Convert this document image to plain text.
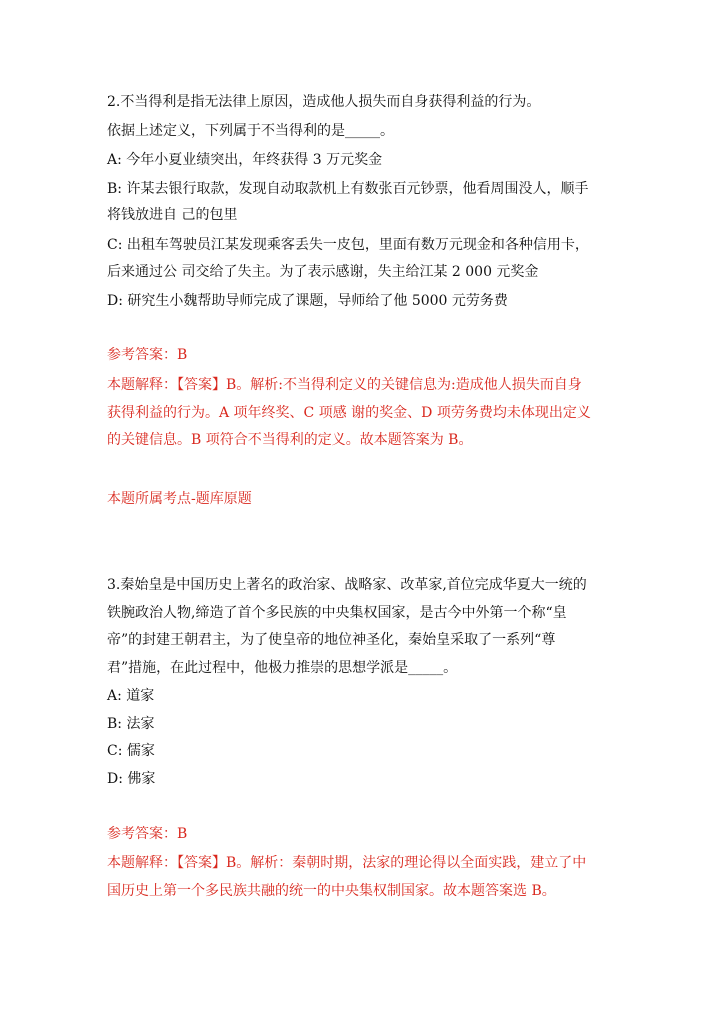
2.不当得利是指无法律上原因，造成他人损失而自身获得利益的行为。
依据上述定义，下列属于不当得利的是_____。
A: 今年小夏业绩突出，年终获得 3 万元奖金
B: 许某去银行取款，发现自动取款机上有数张百元钞票，他看周围没人，顺手
将钱放进自 己的包里
C: 出租车驾驶员江某发现乘客丢失一皮包，里面有数万元现金和各种信用卡，
后来通过公 司交给了失主。为了表示感谢，失主给江某 2 000 元奖金
D: 研究生小魏帮助导师完成了课题，导师给了他 5000 元劳务费
参考答案：B
本题解释：【答案】B。解析:不当得利定义的关键信息为:造成他人损失而自身
获得利益的行为。A 项年终奖、C 项感 谢的奖金、D 项劳务费均未体现出定义
的关键信息。B 项符合不当得利的定义。故本题答案为 B。
本题所属考点-题库原题
3.秦始皇是中国历史上著名的政治家、战略家、改革家,首位完成华夏大一统的
铁腕政治人物,缔造了首个多民族的中央集权国家，是古今中外第一个称“皇
帝”的封建王朝君主，为了使皇帝的地位神圣化，秦始皇采取了一系列“尊
君”措施，在此过程中，他极力推崇的思想学派是_____。
A: 道家
B: 法家
C: 儒家
D: 佛家
参考答案：B
本题解释：【答案】B。解析：秦朝时期，法家的理论得以全面实践，建立了中
国历史上第一个多民族共融的统一的中央集权制国家。故本题答案选 B。
